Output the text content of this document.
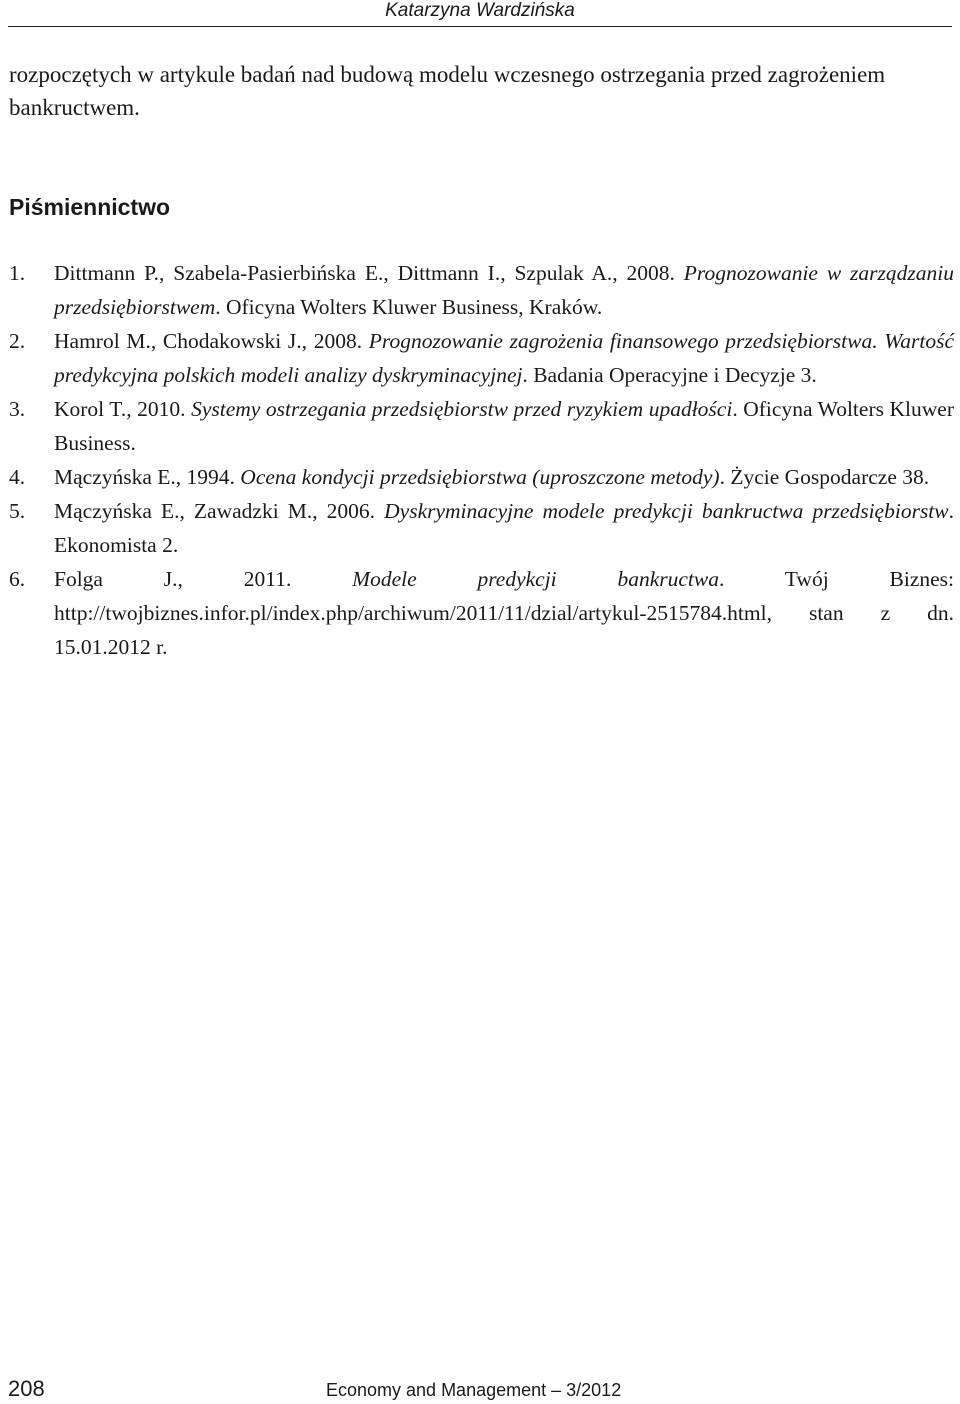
Katarzyna Wardzińska

rozpoczętych w artykule badań nad budową modelu wczesnego ostrzegania przed zagrożeniem bankructwem.

Piśmiennictwo
1. Dittmann P., Szabela-Pasierbińska E., Dittmann I., Szpulak A., 2008. Prognozowanie w zarządzaniu przedsiębiorstwem. Oficyna Wolters Kluwer Business, Kraków.
2. Hamrol M., Chodakowski J., 2008. Prognozowanie zagrożenia finansowego przedsiębiorstwa. Wartość predykcyjna polskich modeli analizy dyskryminacyjnej. Badania Operacyjne i Decyzje 3.
3. Korol T., 2010. Systemy ostrzegania przedsiębiorstw przed ryzykiem upadłości. Oficyna Wolters Kluwer Business.
4. Mączyńska E., 1994. Ocena kondycji przedsiębiorstwa (uproszczone metody). Życie Gospodarcze 38.
5. Mączyńska E., Zawadzki M., 2006. Dyskryminacyjne modele predykcji bankructwa przedsiębiorstw. Ekonomista 2.
6. Folga J., 2011. Modele predykcji bankructwa. Twój Biznes: http://twojbiznes.infor.pl/index.php/archiwum/2011/11/dzial/artykul-2515784.html, stan z dn. 15.01.2012 r.
208	Economy and Management – 3/2012
